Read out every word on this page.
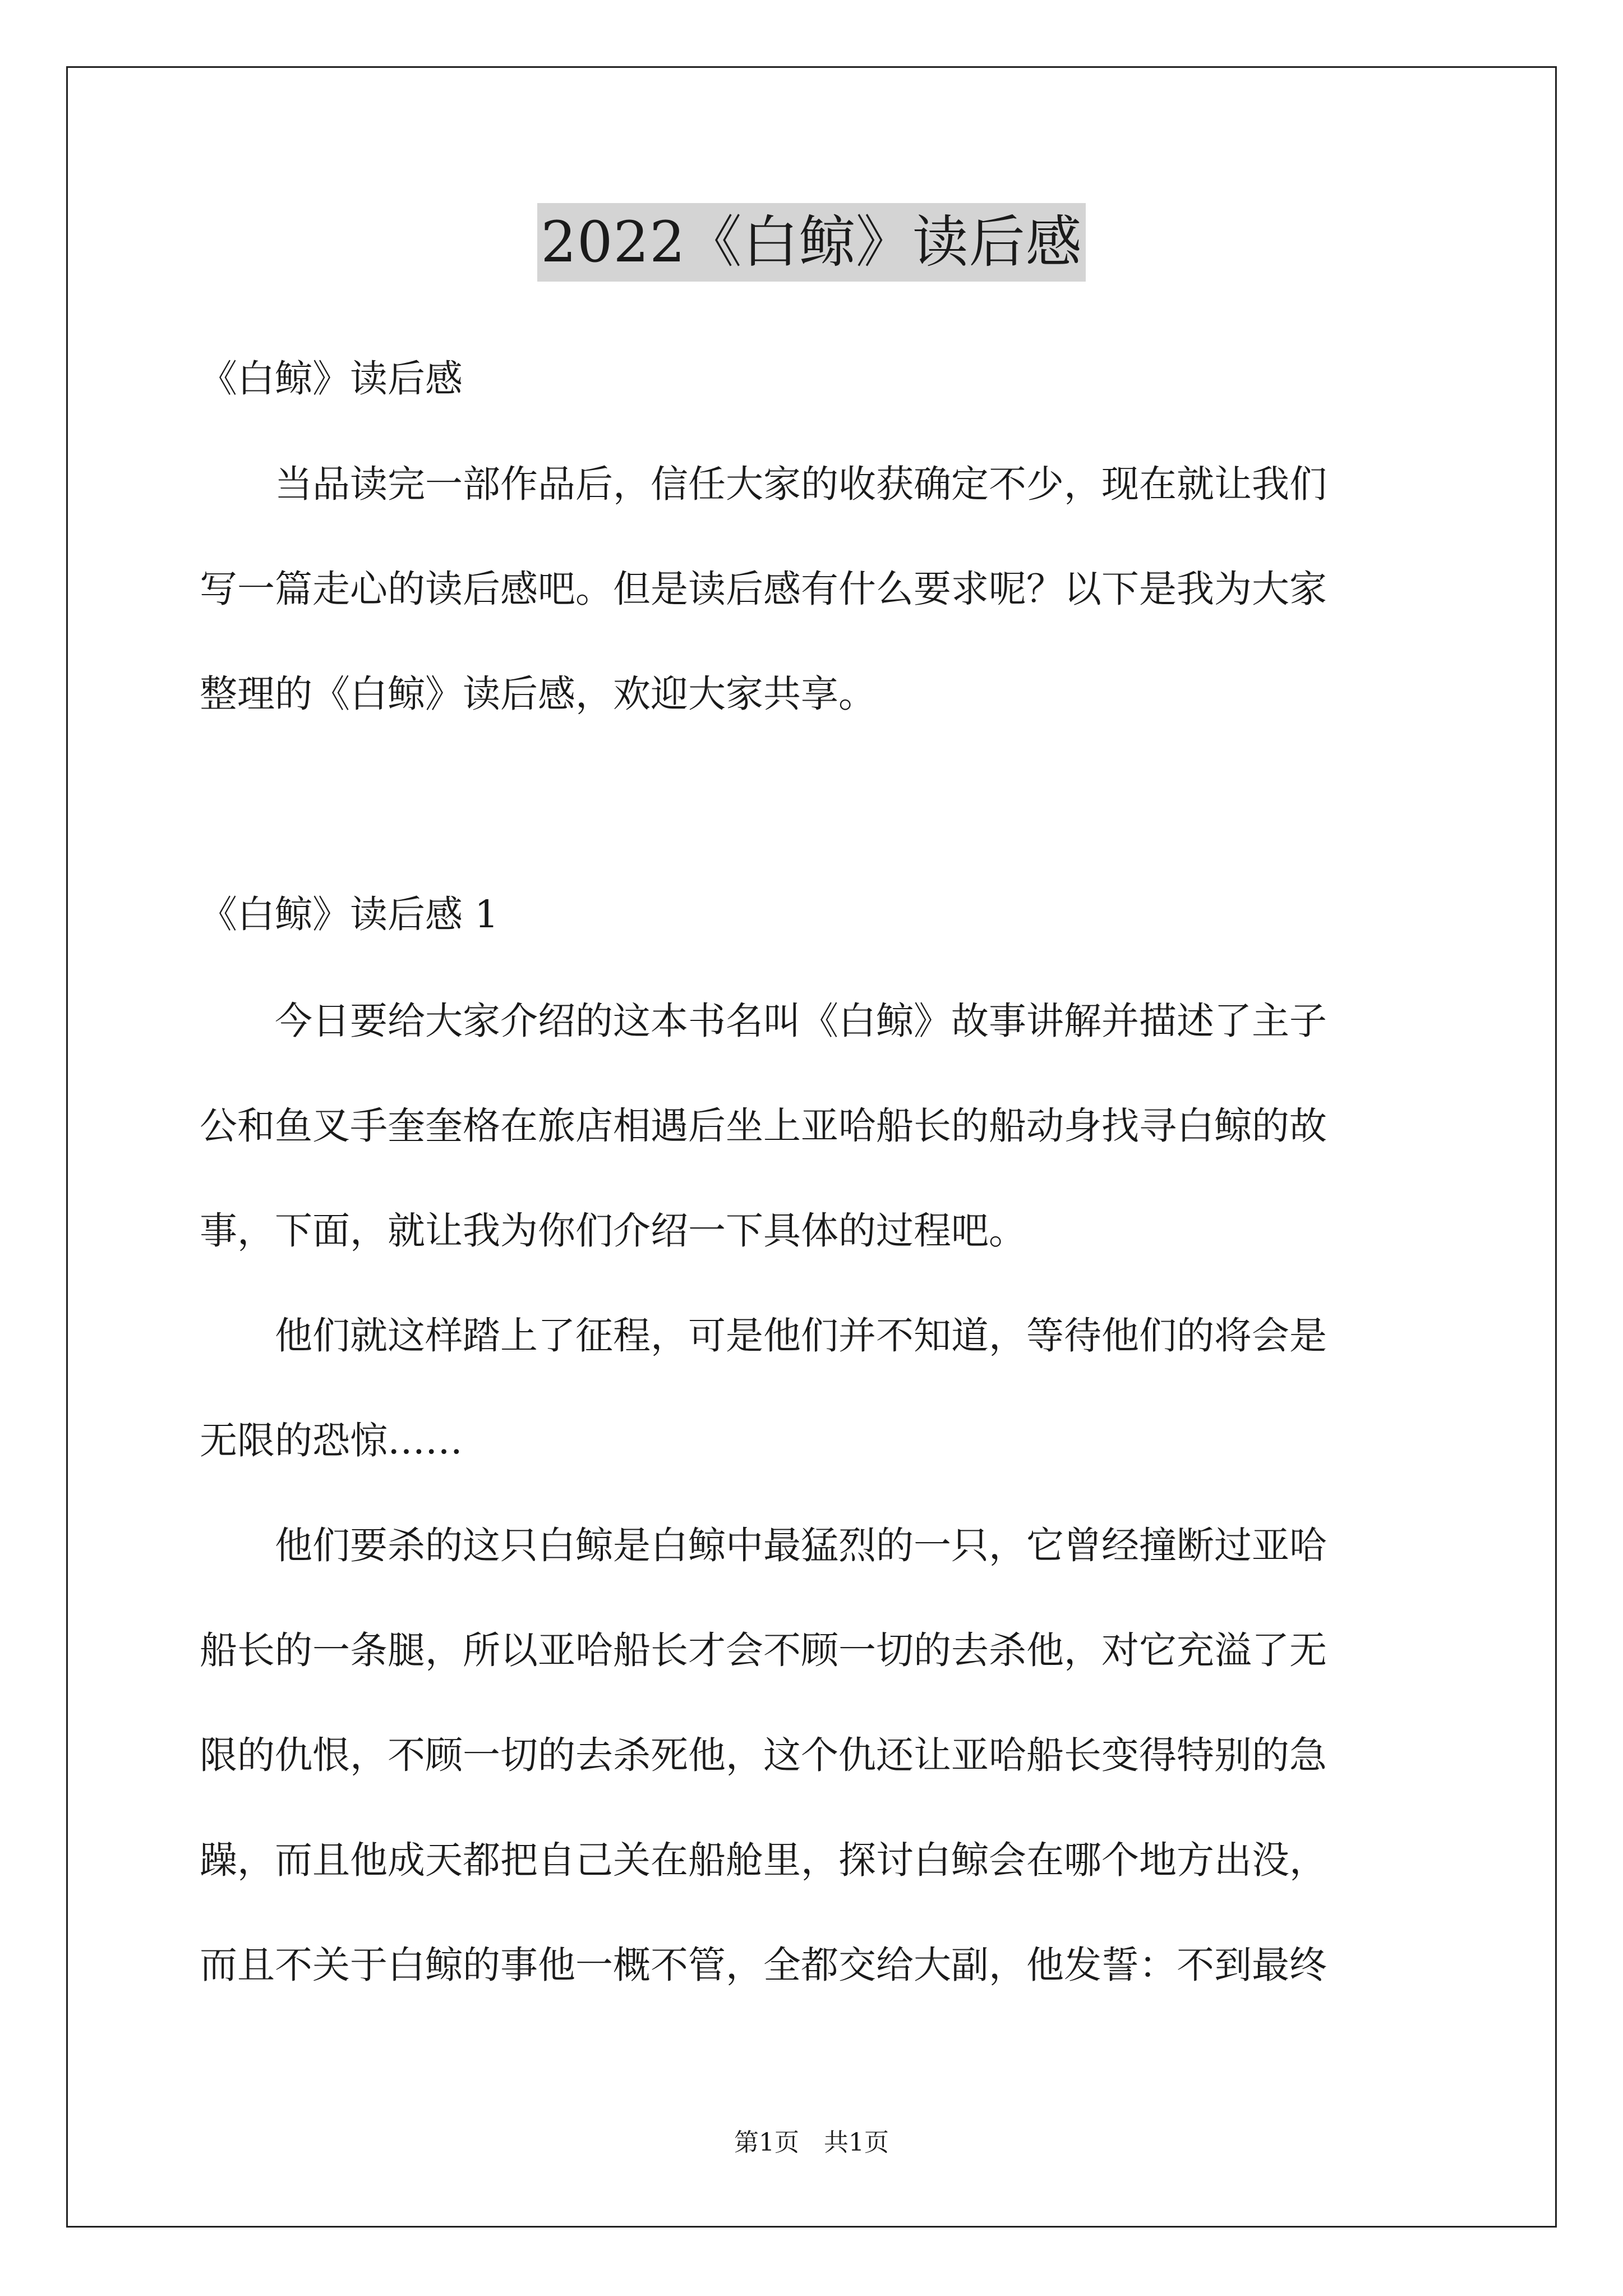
2022《白鲸》读后感
《白鲸》读后感
　　当品读完一部作品后，信任大家的收获确定不少，现在就让我们
写一篇走心的读后感吧。但是读后感有什么要求呢？以下是我为大家
整理的《白鲸》读后感，欢迎大家共享。
《白鲸》读后感 1
　　今日要给大家介绍的这本书名叫《白鲸》故事讲解并描述了主子
公和鱼叉手奎奎格在旅店相遇后坐上亚哈船长的船动身找寻白鲸的故
事，下面，就让我为你们介绍一下具体的过程吧。
　　他们就这样踏上了征程，可是他们并不知道，等待他们的将会是
无限的恐惊……
　　他们要杀的这只白鲸是白鲸中最猛烈的一只，它曾经撞断过亚哈
船长的一条腿，所以亚哈船长才会不顾一切的去杀他，对它充溢了无
限的仇恨，不顾一切的去杀死他，这个仇还让亚哈船长变得特别的急
躁，而且他成天都把自己关在船舱里，探讨白鲸会在哪个地方出没，
而且不关于白鲸的事他一概不管，全都交给大副，他发誓：不到最终
第1页　共1页
